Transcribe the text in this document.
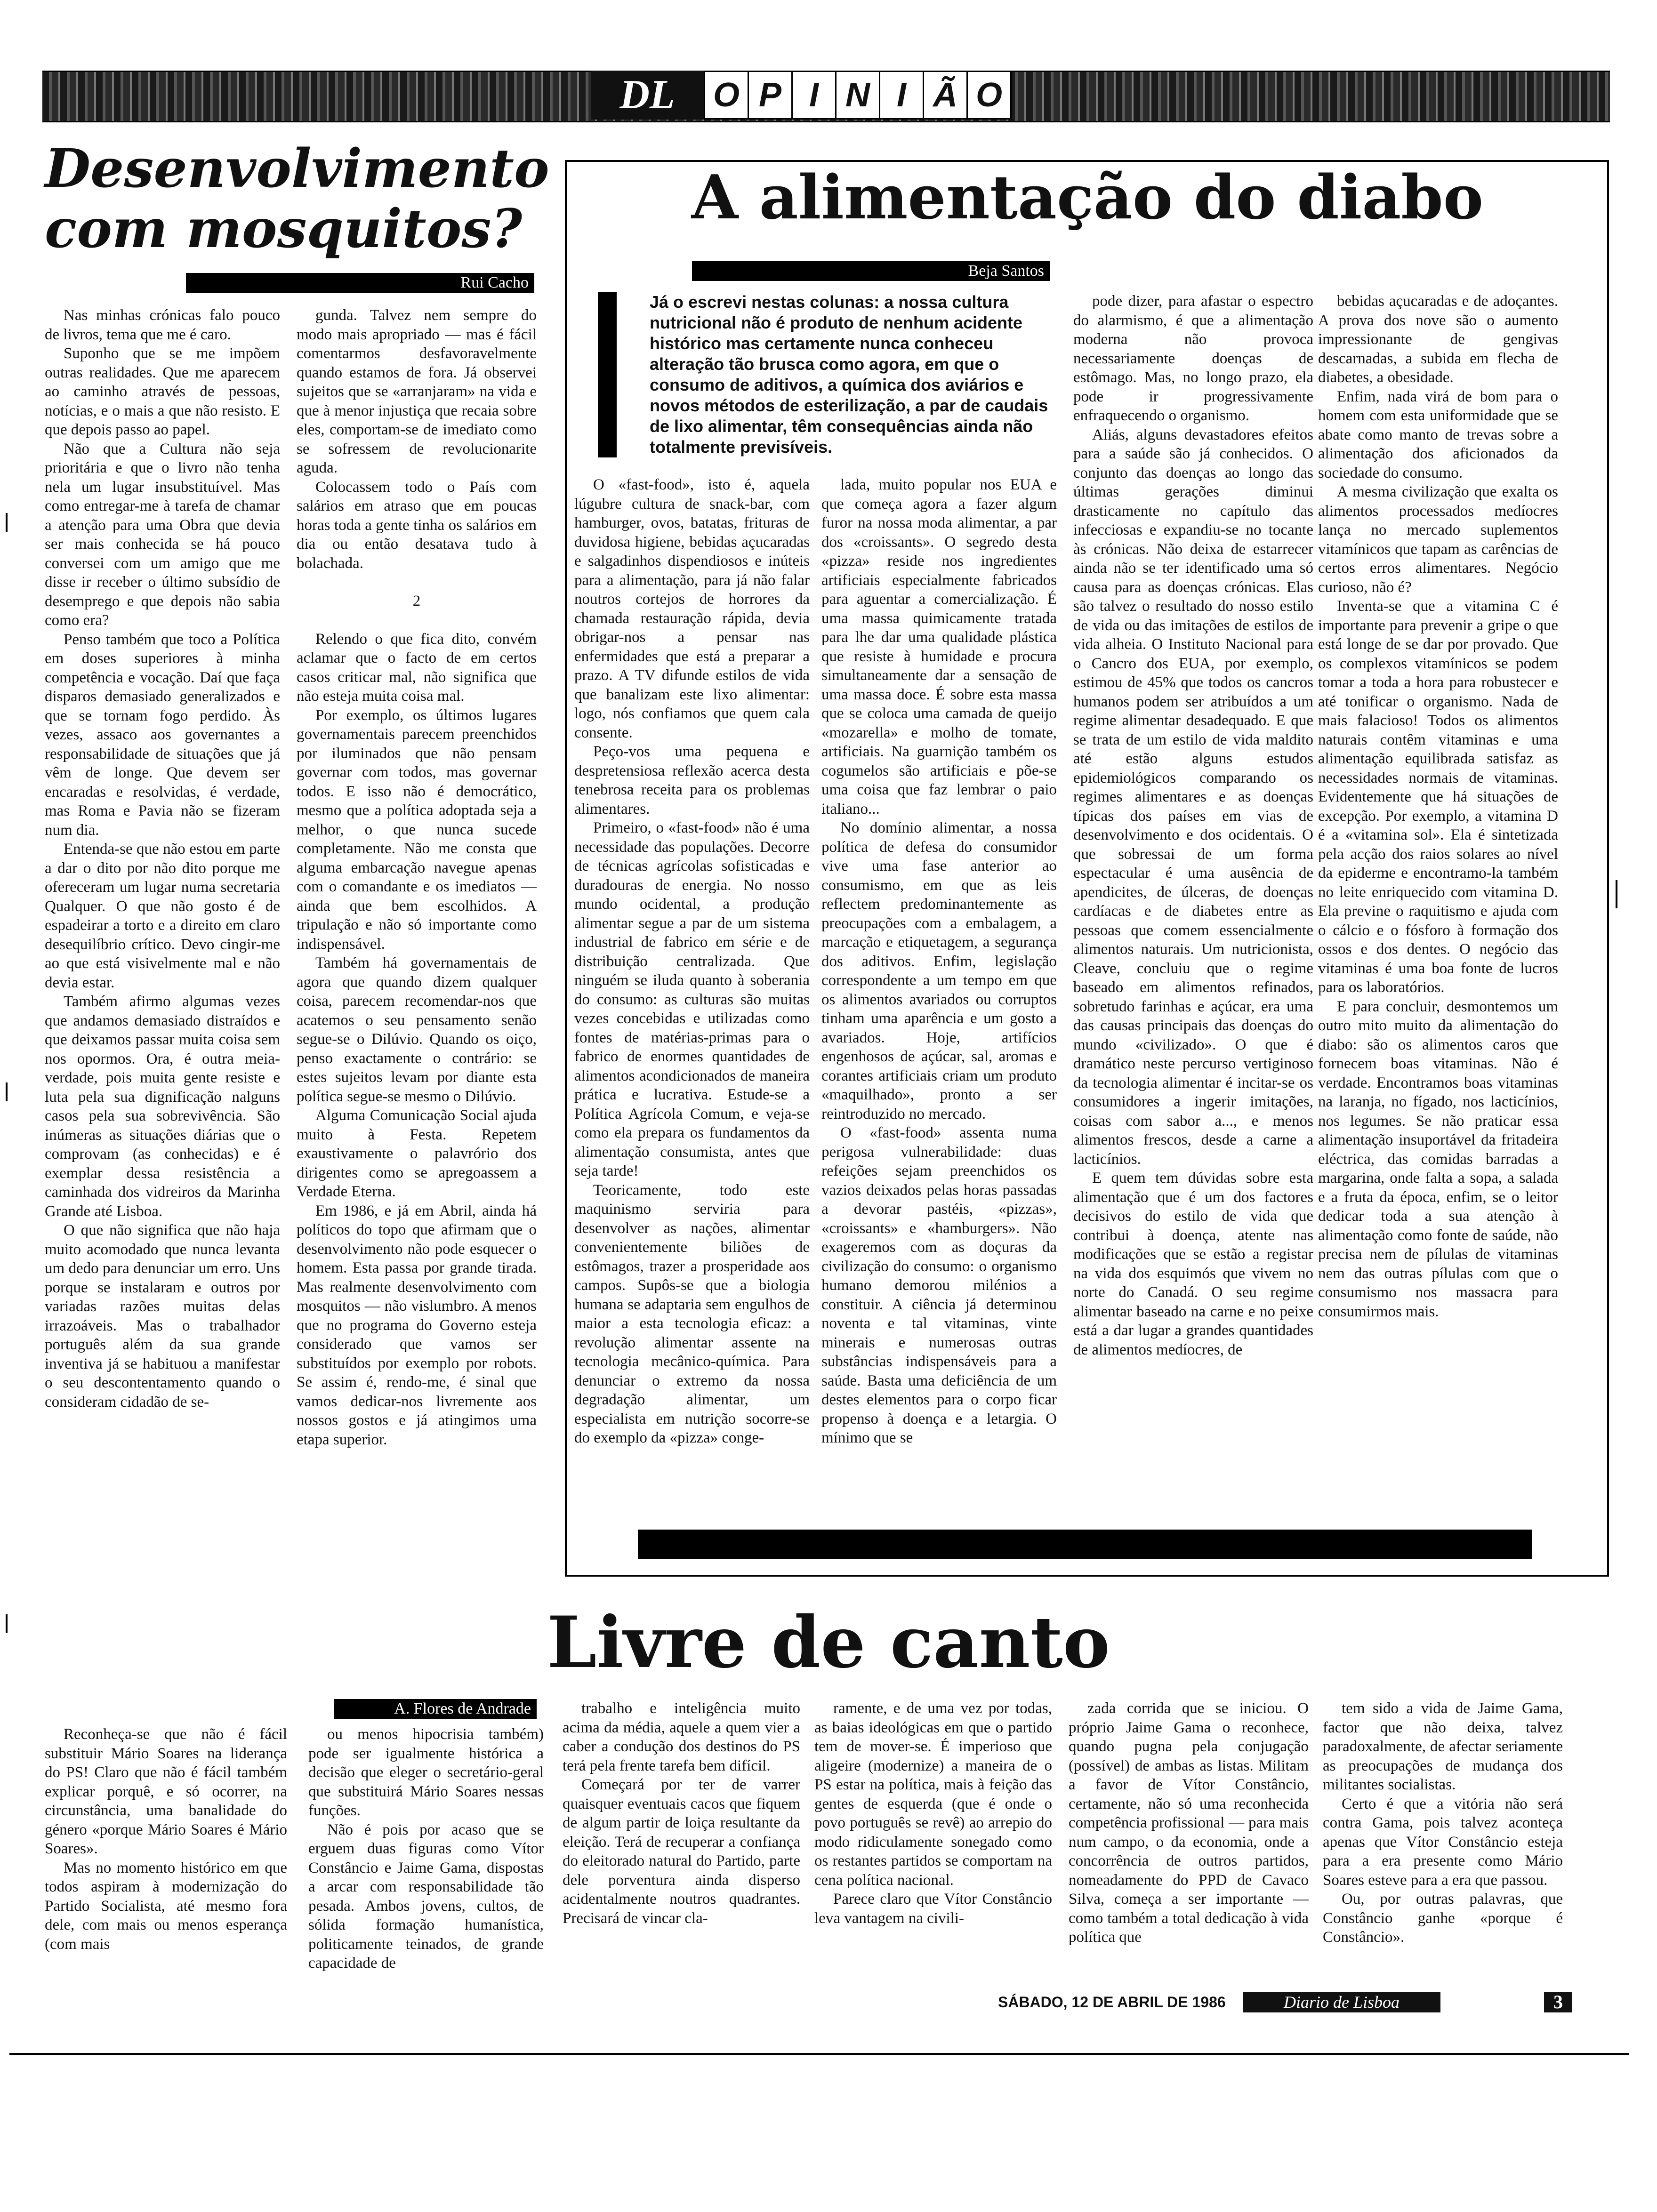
DL	O P I N I Ã O
Desenvolvimento com mosquitos?
Rui Cacho

Nas minhas crónicas falo pouco de livros, tema que me é caro.

Suponho que se me impõem outras realidades. Que me aparecem ao caminho através de pessoas, notícias, e o mais a que não resisto. E que depois passo ao papel.

Não que a Cultura não seja prioritária e que o livro não tenha nela um lugar insubstituível. Mas como entregar-me à tarefa de chamar a atenção para uma Obra que devia ser mais conhecida se há pouco conversei com um amigo que me disse ir receber o último subsídio de desemprego e que depois não sabia como era?

Penso também que toco a Política em doses superiores à minha competência e vocação. Daí que faça disparos demasiado generalizados e que se tornam fogo perdido. Às vezes, assaco aos governantes a responsabilidade de situações que já vêm de longe. Que devem ser encaradas e resolvidas, é verdade, mas Roma e Pavia não se fizeram num dia.

Entenda-se que não estou em parte a dar o dito por não dito porque me ofereceram um lugar numa secretaria Qualquer. O que não gosto é de espadeirar a torto e a direito em claro desequilíbrio crítico. Devo cingir-me ao que está visivelmente mal e não devia estar.

Também afirmo algumas vezes que andamos demasiado distraídos e que deixamos passar muita coisa sem nos opormos. Ora, é outra meia-verdade, pois muita gente resiste e luta pela sua dignificação nalguns casos pela sua sobrevivência. São inúmeras as situações diárias que o comprovam (as conhecidas) e é exemplar dessa resistência a caminhada dos vidreiros da Marinha Grande até Lisboa.

O que não significa que não haja muito acomodado que nunca levanta um dedo para denunciar um erro. Uns porque se instalaram e outros por variadas razões muitas delas irrazoáveis. Mas o trabalhador português além da sua grande inventiva já se habituou a manifestar o seu descontentamento quando o consideram cidadão de se-

gunda. Talvez nem sempre do modo mais apropriado — mas é fácil comentarmos desfavoravelmente quando estamos de fora. Já observei sujeitos que se «arranjaram» na vida e que à menor injustiça que recaia sobre eles, comportam-se de imediato como se sofressem de revolucionarite aguda.

Colocassem todo o País com salários em atraso que em poucas horas toda a gente tinha os salários em dia ou então desatava tudo à bolachada.

2

Relendo o que fica dito, convém aclamar que o facto de em certos casos criticar mal, não significa que não esteja muita coisa mal.

Por exemplo, os últimos lugares governamentais parecem preenchidos por iluminados que não pensam governar com todos, mas governar todos. E isso não é democrático, mesmo que a política adoptada seja a melhor, o que nunca sucede completamente. Não me consta que alguma embarcação navegue apenas com o comandante e os imediatos — ainda que bem escolhidos. A tripulação e não só importante como indispensável.

Também há governamentais de agora que quando dizem qualquer coisa, parecem recomendar-nos que acatemos o seu pensamento senão segue-se o Dilúvio. Quando os oiço, penso exactamente o contrário: se estes sujeitos levam por diante esta política segue-se mesmo o Dilúvio.

Alguma Comunicação Social ajuda muito à Festa. Repetem exaustivamente o palavrório dos dirigentes como se apregoassem a Verdade Eterna.

Em 1986, e já em Abril, ainda há políticos do topo que afirmam que o desenvolvimento não pode esquecer o homem. Esta passa por grande tirada. Mas realmente desenvolvimento com mosquitos — não vislumbro. A menos que no programa do Governo esteja considerado que vamos ser substituídos por exemplo por robots. Se assim é, rendo-me, é sinal que vamos dedicar-nos livremente aos nossos gostos e já atingimos uma etapa superior.

A alimentação do diabo
Beja Santos
Já o escrevi nestas colunas: a nossa cultura nutricional não é produto de nenhum acidente histórico mas certamente nunca conheceu alteração tão brusca como agora, em que o consumo de aditivos, a química dos aviários e novos métodos de esterilização, a par de caudais de lixo alimentar, têm consequências ainda não totalmente previsíveis.

O «fast-food», isto é, aquela lúgubre cultura de snack-bar, com hamburger, ovos, batatas, frituras de duvidosa higiene, bebidas açucaradas e salgadinhos dispendiosos e inúteis para a alimentação, para já não falar noutros cortejos de horrores da chamada restauração rápida, devia obrigar-nos a pensar nas enfermidades que está a preparar a prazo. A TV difunde estilos de vida que banalizam este lixo alimentar: logo, nós confiamos que quem cala consente.

Peço-vos uma pequena e despretensiosa reflexão acerca desta tenebrosa receita para os problemas alimentares.

Primeiro, o «fast-food» não é uma necessidade das populações. Decorre de técnicas agrícolas sofisticadas e duradouras de energia. No nosso mundo ocidental, a produção alimentar segue a par de um sistema industrial de fabrico em série e de distribuição centralizada. Que ninguém se iluda quanto à soberania do consumo: as culturas são muitas vezes concebidas e utilizadas como fontes de matérias-primas para o fabrico de enormes quantidades de alimentos acondicionados de maneira prática e lucrativa. Estude-se a Política Agrícola Comum, e veja-se como ela prepara os fundamentos da alimentação consumista, antes que seja tarde!

Teoricamente, todo este maquinismo serviria para desenvolver as nações, alimentar convenientemente biliões de estômagos, trazer a prosperidade aos campos. Supôs-se que a biologia humana se adaptaria sem engulhos de maior a esta tecnologia eficaz: a revolução alimentar assente na tecnologia mecânico-química. Para denunciar o extremo da nossa degradação alimentar, um especialista em nutrição socorre-se do exemplo da «pizza» conge-

lada, muito popular nos EUA e que começa agora a fazer algum furor na nossa moda alimentar, a par dos «croissants». O segredo desta «pizza» reside nos ingredientes artificiais especialmente fabricados para aguentar a comercialização. É uma massa quimicamente tratada para lhe dar uma qualidade plástica que resiste à humidade e procura simultaneamente dar a sensação de uma massa doce. É sobre esta massa que se coloca uma camada de queijo «mozarella» e molho de tomate, artificiais. Na guarnição também os cogumelos são artificiais e põe-se uma coisa que faz lembrar o paio italiano...

No domínio alimentar, a nossa política de defesa do consumidor vive uma fase anterior ao consumismo, em que as leis reflectem predominantemente as preocupações com a embalagem, a marcação e etiquetagem, a segurança dos aditivos. Enfim, legislação correspondente a um tempo em que os alimentos avariados ou corruptos tinham uma aparência e um gosto a avariados. Hoje, artifícios engenhosos de açúcar, sal, aromas e corantes artificiais criam um produto «maquilhado», pronto a ser reintroduzido no mercado.

O «fast-food» assenta numa perigosa vulnerabilidade: duas refeições sejam preenchidos os vazios deixados pelas horas passadas a devorar pastéis, «pizzas», «croissants» e «hamburgers». Não exageremos com as doçuras da civilização do consumo: o organismo humano demorou milénios a constituir. A ciência já determinou noventa e tal vitaminas, vinte minerais e numerosas outras substâncias indispensáveis para a saúde. Basta uma deficiência de um destes elementos para o corpo ficar propenso à doença e a letargia. O mínimo que se

pode dizer, para afastar o espectro do alarmismo, é que a alimentação moderna não provoca necessariamente doenças de estômago. Mas, no longo prazo, ela pode ir progressivamente enfraquecendo o organismo.

Aliás, alguns devastadores efeitos para a saúde são já conhecidos. O conjunto das doenças ao longo das últimas gerações diminui drasticamente no capítulo das infecciosas e expandiu-se no tocante às crónicas. Não deixa de estarrecer ainda não se ter identificado uma só causa para as doenças crónicas. Elas são talvez o resultado do nosso estilo de vida ou das imitações de estilos de vida alheia. O Instituto Nacional para o Cancro dos EUA, por exemplo, estimou de 45% que todos os cancros humanos podem ser atribuídos a um regime alimentar desadequado. E que se trata de um estilo de vida maldito até estão alguns estudos epidemiológicos comparando os regimes alimentares e as doenças típicas dos países em vias de desenvolvimento e dos ocidentais. O que sobressai de um forma espectacular é uma ausência de apendicites, de úlceras, de doenças cardíacas e de diabetes entre as pessoas que comem essencialmente alimentos naturais. Um nutricionista, Cleave, concluiu que o regime baseado em alimentos refinados, sobretudo farinhas e açúcar, era uma das causas principais das doenças do mundo «civilizado». O que é dramático neste percurso vertiginoso da tecnologia alimentar é incitar-se os consumidores a ingerir imitações, coisas com sabor a..., e menos alimentos frescos, desde a carne a lacticínios.

E quem tem dúvidas sobre esta alimentação que é um dos factores decisivos do estilo de vida que contribui à doença, atente nas modificações que se estão a registar na vida dos esquimós que vivem no norte do Canadá. O seu regime alimentar baseado na carne e no peixe está a dar lugar a grandes quantidades de alimentos medíocres, de

bebidas açucaradas e de adoçantes. A prova dos nove são o aumento impressionante de gengivas descarnadas, a subida em flecha de diabetes, a obesidade.

Enfim, nada virá de bom para o homem com esta uniformidade que se abate como manto de trevas sobre a alimentação dos aficionados da sociedade do consumo.

A mesma civilização que exalta os alimentos processados medíocres lança no mercado suplementos vitamínicos que tapam as carências de certos erros alimentares. Negócio curioso, não é?

Inventa-se que a vitamina C é importante para prevenir a gripe o que está longe de se dar por provado. Que os complexos vitamínicos se podem tomar a toda a hora para robustecer e até tonificar o organismo. Nada de mais falacioso! Todos os alimentos naturais contêm vitaminas e uma alimentação equilibrada satisfaz as necessidades normais de vitaminas. Evidentemente que há situações de excepção. Por exemplo, a vitamina D é a «vitamina sol». Ela é sintetizada pela acção dos raios solares ao nível da epiderme e encontramo-la também no leite enriquecido com vitamina D. Ela previne o raquitismo e ajuda com o cálcio e o fósforo à formação dos ossos e dos dentes. O negócio das vitaminas é uma boa fonte de lucros para os laboratórios.

E para concluir, desmontemos um outro mito muito da alimentação do diabo: são os alimentos caros que fornecem boas vitaminas. Não é verdade. Encontramos boas vitaminas na laranja, no fígado, nos lacticínios, nos legumes. Se não praticar essa alimentação insuportável da fritadeira eléctrica, das comidas barradas a margarina, onde falta a sopa, a salada e a fruta da época, enfim, se o leitor dedicar toda a sua atenção à alimentação como fonte de saúde, não precisa nem de pílulas de vitaminas nem das outras pílulas com que o consumismo nos massacra para consumirmos mais.

Livre de canto
A. Flores de Andrade

Reconheça-se que não é fácil substituir Mário Soares na liderança do PS! Claro que não é fácil também explicar porquê, e só ocorrer, na circunstância, uma banalidade do género «porque Mário Soares é Mário Soares».

Mas no momento histórico em que todos aspiram à modernização do Partido Socialista, até mesmo fora dele, com mais ou menos esperança (com mais

ou menos hipocrisia também) pode ser igualmente histórica a decisão que eleger o secretário-geral que substituirá Mário Soares nessas funções.

Não é pois por acaso que se erguem duas figuras como Vítor Constâncio e Jaime Gama, dispostas a arcar com responsabilidade tão pesada. Ambos jovens, cultos, de sólida formação humanística, politicamente teinados, de grande capacidade de

trabalho e inteligência muito acima da média, aquele a quem vier a caber a condução dos destinos do PS terá pela frente tarefa bem difícil.

Começará por ter de varrer quaisquer eventuais cacos que fiquem de algum partir de loiça resultante da eleição. Terá de recuperar a confiança do eleitorado natural do Partido, parte dele porventura ainda disperso acidentalmente noutros quadrantes. Precisará de vincar cla-

ramente, e de uma vez por todas, as baias ideológicas em que o partido tem de mover-se. É imperioso que aligeire (modernize) a maneira de o PS estar na política, mais à feição das gentes de esquerda (que é onde o povo português se revê) ao arrepio do modo ridiculamente sonegado como os restantes partidos se comportam na cena política nacional.

Parece claro que Vítor Constâncio leva vantagem na civili-

zada corrida que se iniciou. O próprio Jaime Gama o reconhece, quando pugna pela conjugação (possível) de ambas as listas. Militam a favor de Vítor Constâncio, certamente, não só uma reconhecida competência profissional — para mais num campo, o da economia, onde a concorrência de outros partidos, nomeadamente do PPD de Cavaco Silva, começa a ser importante — como também a total dedicação à vida política que

tem sido a vida de Jaime Gama, factor que não deixa, talvez paradoxalmente, de afectar seriamente as preocupações de mudança dos militantes socialistas.

Certo é que a vitória não será contra Gama, pois talvez aconteça apenas que Vítor Constâncio esteja para a era presente como Mário Soares esteve para a era que passou.

Ou, por outras palavras, que Constâncio ganhe «porque é Constâncio».

SÁBADO, 12 DE ABRIL DE 1986	Diario de Lisboa	3
